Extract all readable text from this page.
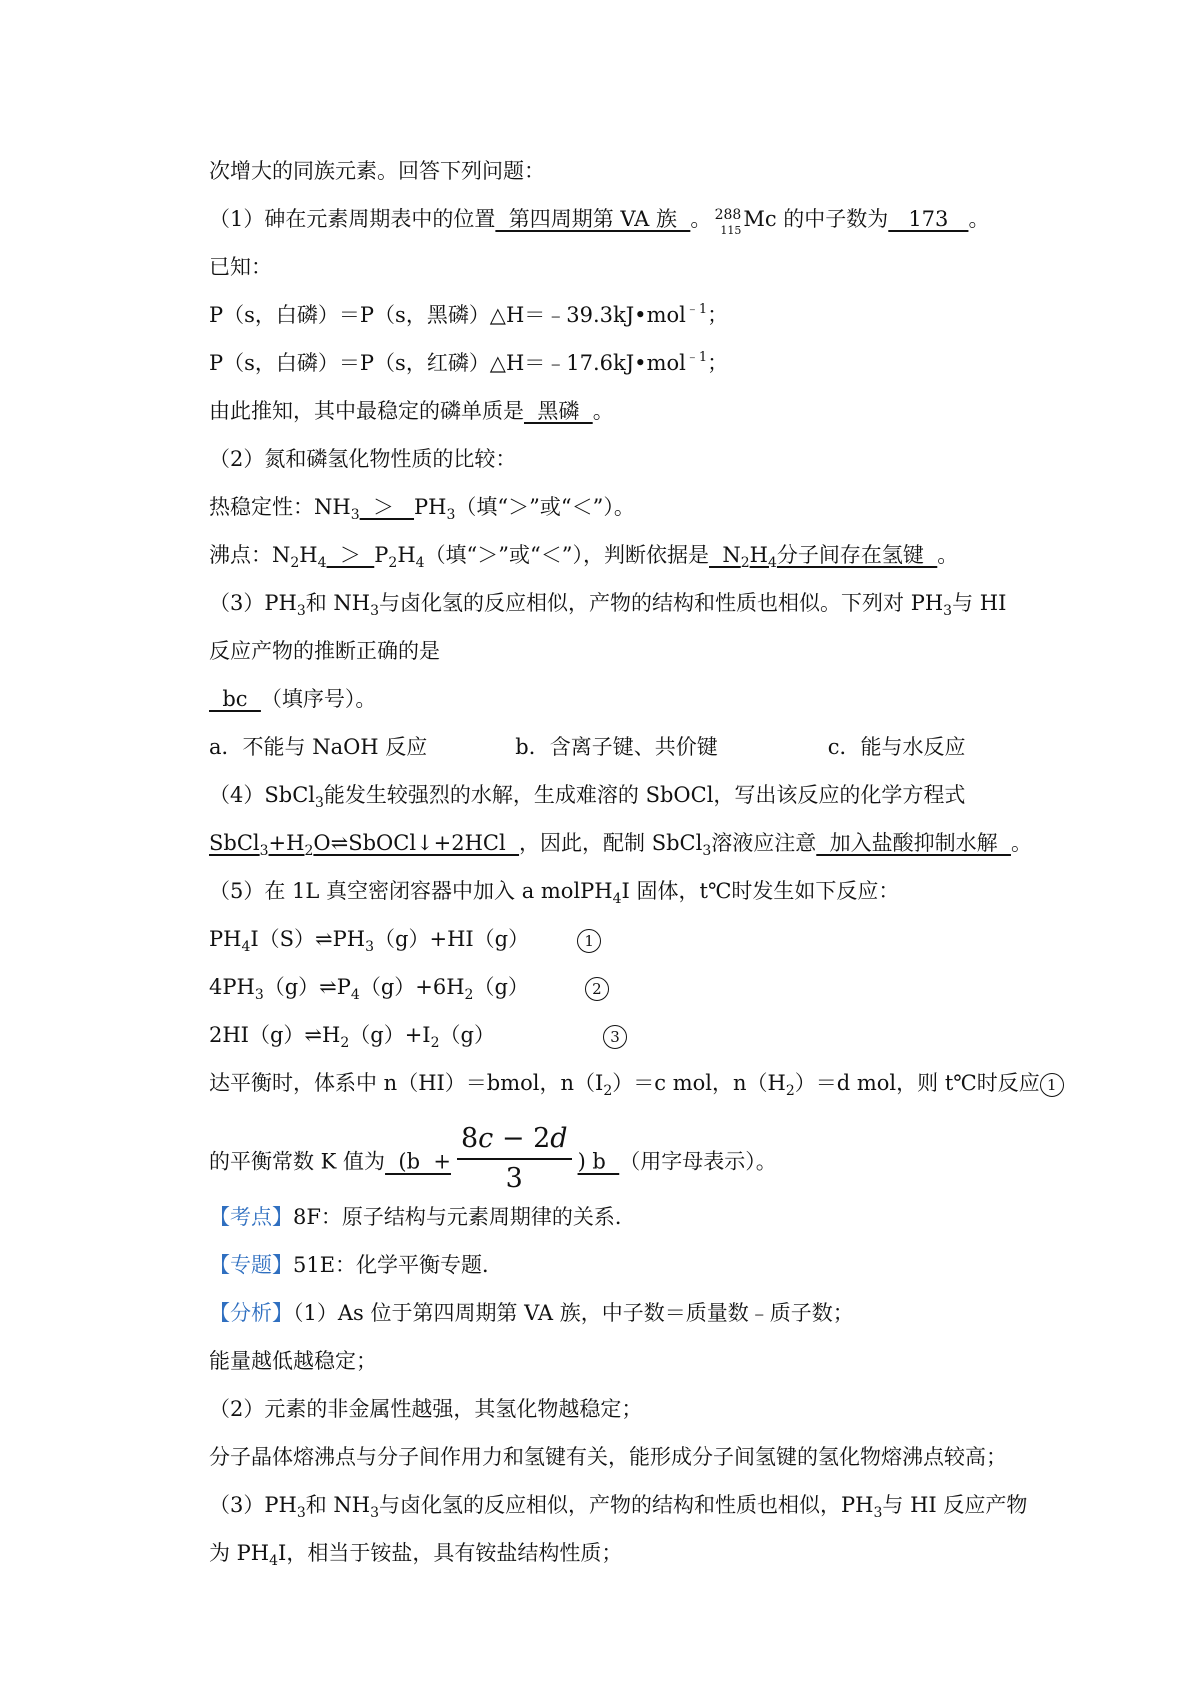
次增大的同族元素。回答下列问题：
（1）砷在元素周期表中的位置  第四周期第 VA 族  。 288
115 Mc 的中子数为   173   。
已知：
P（s，白磷）＝P（s，黑磷）△H＝﹣39.3kJ•mol$^{﹣1}$；
P（s，白磷）＝P（s，红磷）△H＝﹣17.6kJ•mol$^{﹣1}$；
由此推知，其中最稳定的磷单质是  黑磷  。
（2）氮和磷氢化物性质的比较：
热稳定性：$NH_3 > PH_3$（填“＞”或“＜”）。
沸点：$N_2H_4 > P_2H_4$（填“＞”或“＜”），判断依据是  $N_2H_4$分子间存在氢键  。
$(3)PH_3$和 $NH_3$与卤化氢的反应相似，产物的结构和性质也相似。下列对 $PH_3$与 HI
反应产物的推断正确的是
bc  （填序号）。
a．不能与 NaOH 反应	b．含离子键、共价键	c．能与水反应
（4）SbCl$_3$能发生较强烈的水解，生成难溶的 SbOCl，写出该反应的化学方程式
$SbCl_3+H_2O\rightleftharpoons SbOCl↓+2HCl$  ，因此，配制 SbCl$_3$溶液应注意  加入盐酸抑制水解  。
（5）在 1L 真空密闭容器中加入 a molPH$_4$I 固体，t℃时发生如下反应：
$PH_4I(S)\rightleftharpoons PH_3(g)+HI(g)$	1
$4PH_3(g)\rightleftharpoons P_4(g)+6H_2(g)$	2
$2HI(g)\rightleftharpoons H_2(g)+I_2(g)$	3
达平衡时，体系中 n（HI）＝bmol，$n(I_2)=c$ mol，$n(H_2)=d$ mol，则 t℃时反应 1
的平衡常数 K 值为  ($b + \frac{8c - 2d}{3}$ ) b  （用字母表示）。
【考点】8F：原子结构与元素周期律的关系．
【专题】51E：化学平衡专题．
【分析】（1）As 位于第四周期第 VA 族，中子数＝质量数﹣质子数；
能量越低越稳定；
（2）元素的非金属性越强，其氢化物越稳定；
分子晶体熔沸点与分子间作用力和氢键有关，能形成分子间氢键的氢化物熔沸点较高；
$(3)PH_3$和 $NH_3$与卤化氢的反应相似，产物的结构和性质也相似，$PH_3$与 HI 反应产物
为 $PH_4I$，相当于铵盐，具有铵盐结构性质；
